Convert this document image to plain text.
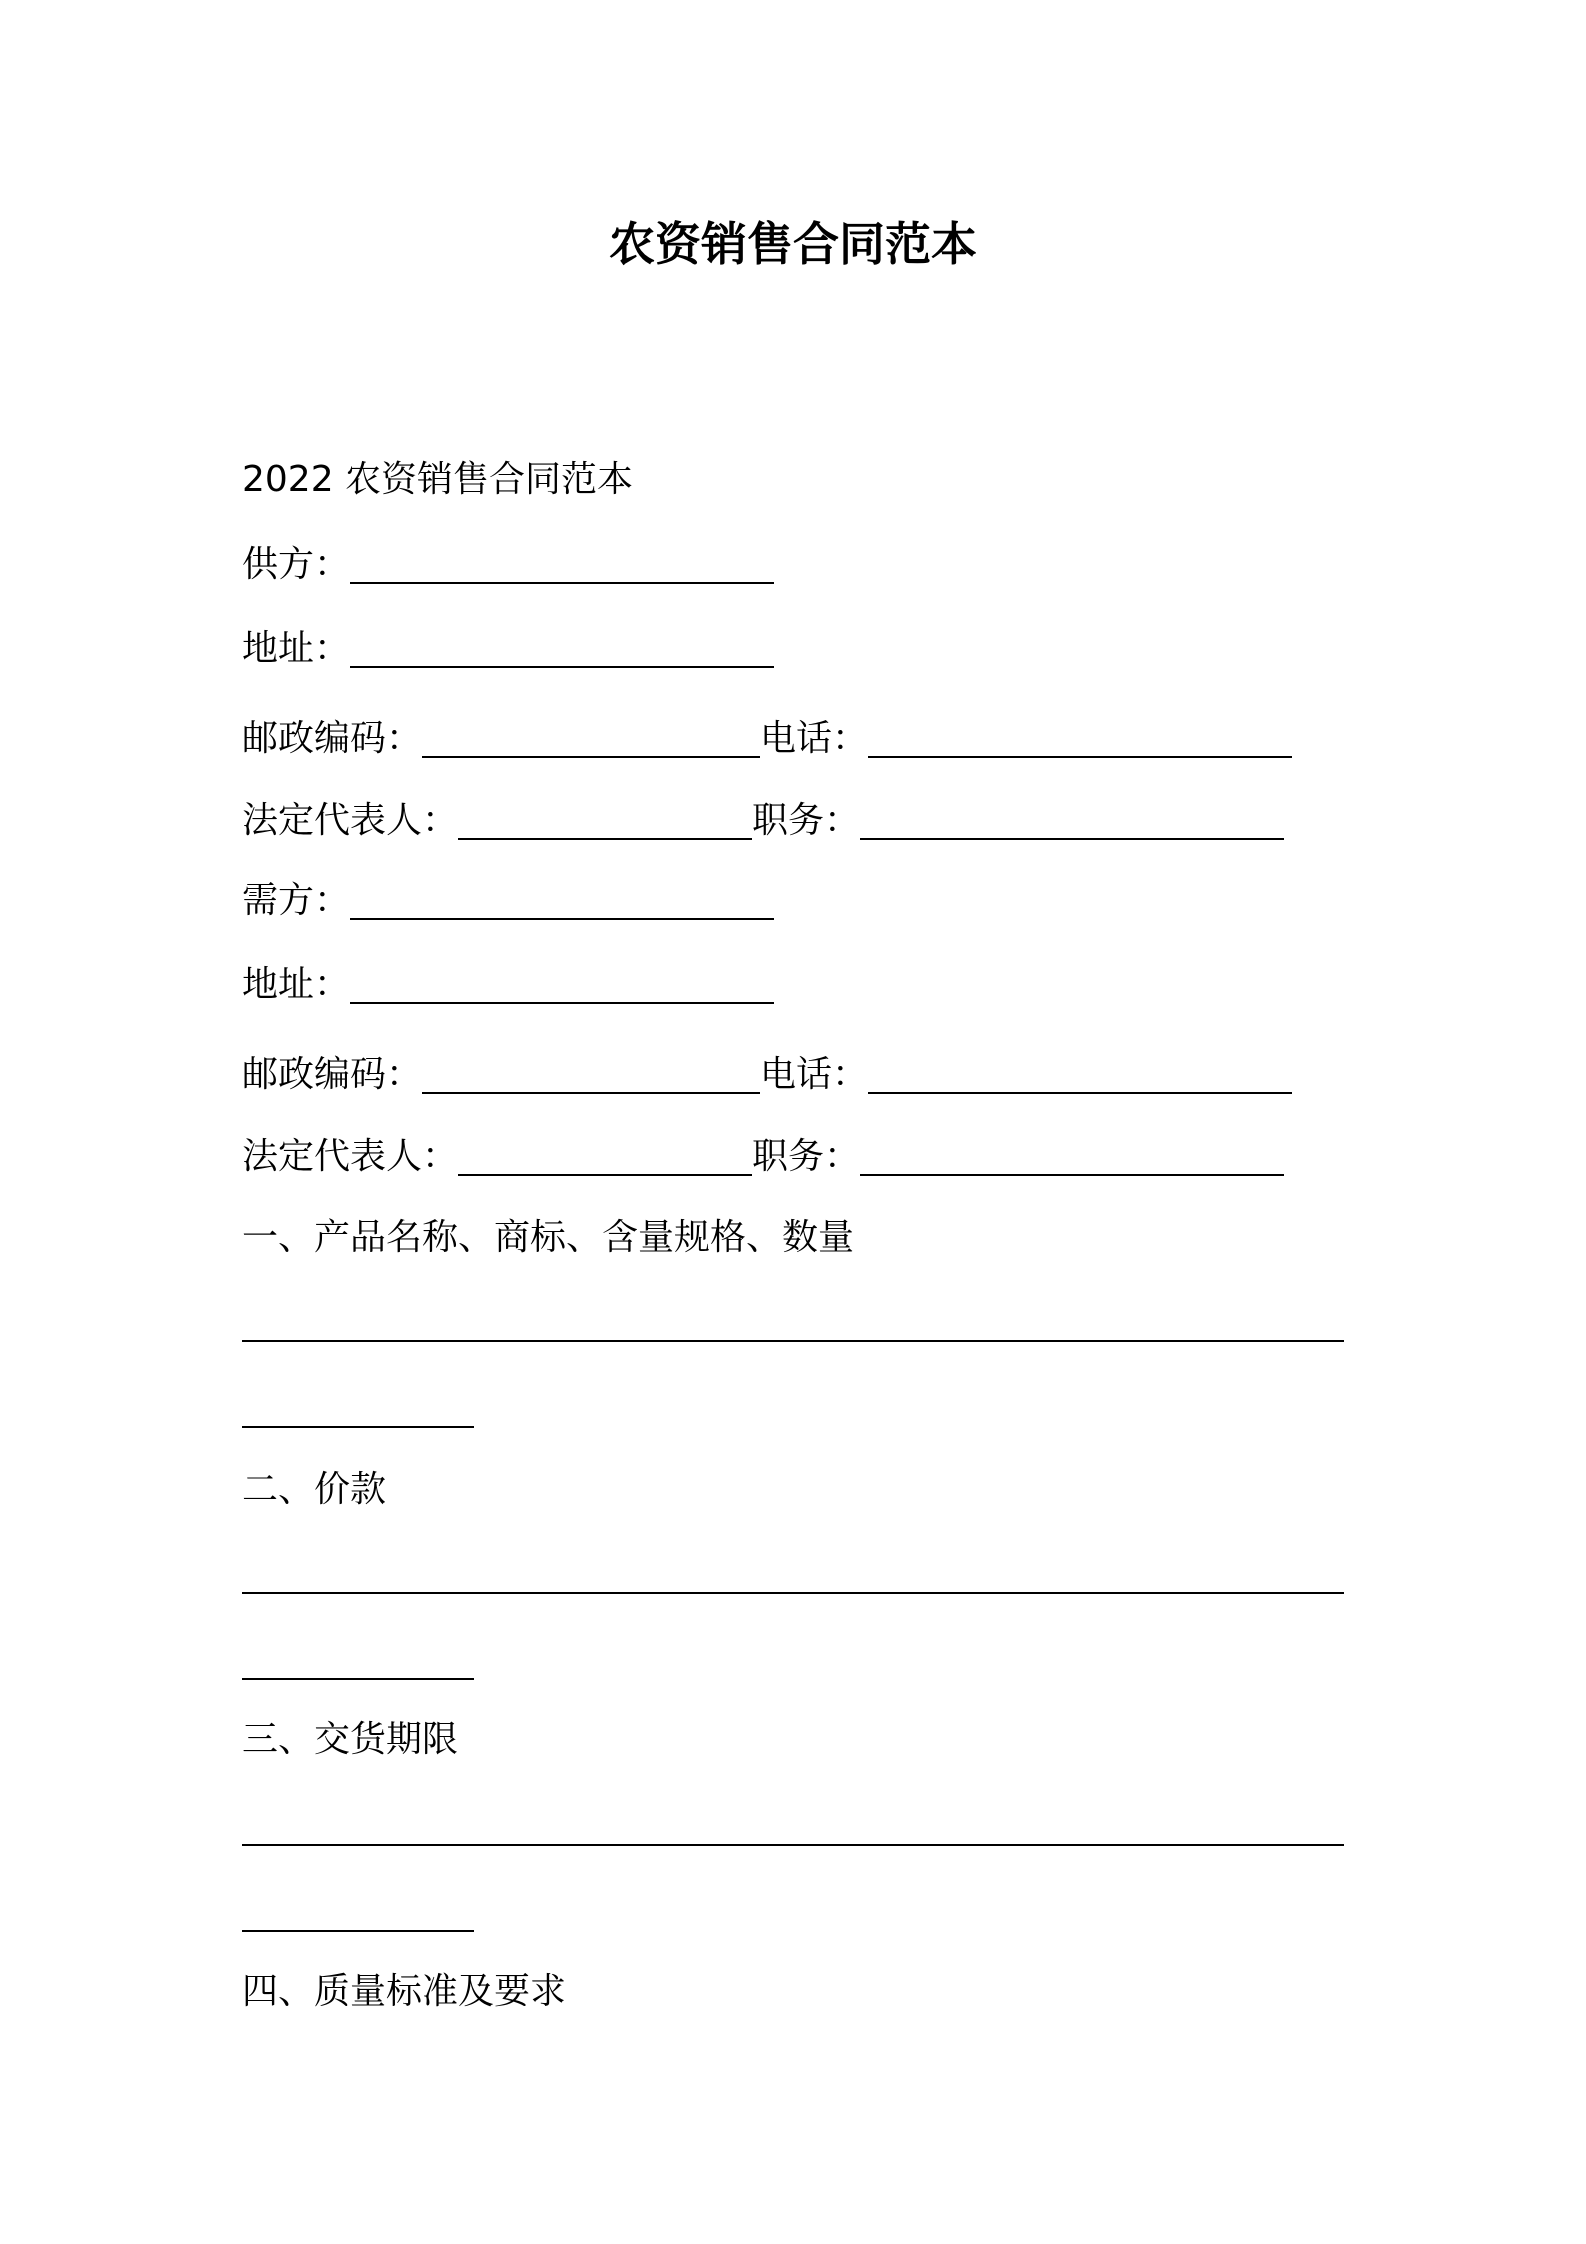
农资销售合同范本
2022 农资销售合同范本
供方：
地址：
邮政编码：	电话：
法定代表人：	职务：
需方：
地址：
邮政编码：	电话：
法定代表人：	职务：
一、产品名称、商标、含量规格、数量
二、价款
三、交货期限
四、质量标准及要求
